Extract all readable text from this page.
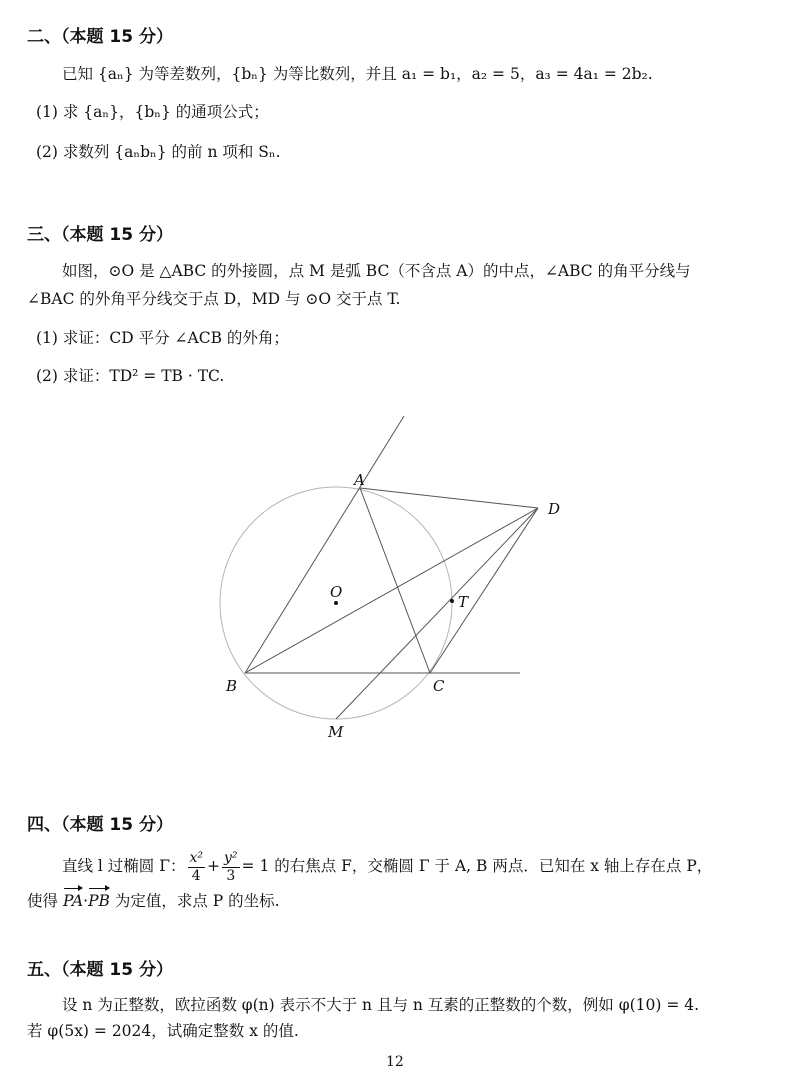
二、（本题 15 分）
已知 {aₙ} 为等差数列，{bₙ} 为等比数列，并且 a₁ = b₁，a₂ = 5，a₃ = 4a₁ = 2b₂.
(1) 求 {aₙ}，{bₙ} 的通项公式；
(2) 求数列 {aₙbₙ} 的前 n 项和 Sₙ.
三、（本题 15 分）
如图，⊙O 是 △ABC 的外接圆，点 M 是弧 BC（不含点 A）的中点，∠ABC 的角平分线与
∠BAC 的外角平分线交于点 D，MD 与 ⊙O 交于点 T.
(1) 求证：CD 平分 ∠ACB 的外角；
(2) 求证：TD² = TB · TC.
A
D
O
T
B	C
M
四、（本题 15 分）
直线 l 过椭圆 Γ： $\frac{\text{x²}}{4} + \frac{\text{y²}}{3} = 1$ 的右焦点 F，交椭圆 Γ 于 A, B 两点．已知在 x 轴上存在点 P，
使得 PA·PB 为定值，求点 P 的坐标.
五、（本题 15 分）
设 n 为正整数，欧拉函数 φ(n) 表示不大于 n 且与 n 互素的正整数的个数，例如 φ(10) = 4.
若 φ(5x) = 2024，试确定整数 x 的值.
12
